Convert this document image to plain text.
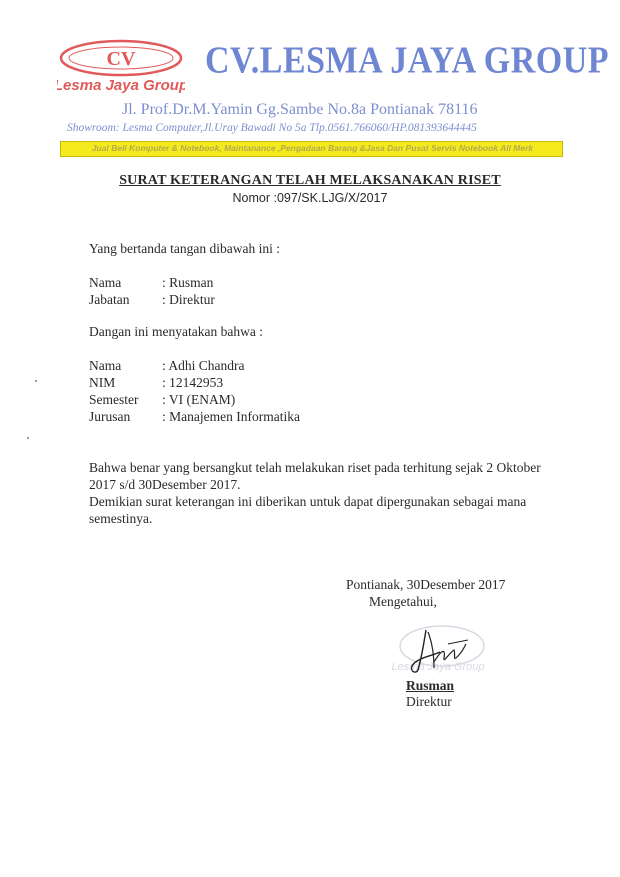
CV
Lesma Jaya Group
CV.LESMA JAYA GROUP
Jl. Prof.Dr.M.Yamin Gg.Sambe No.8a Pontianak 78116
Showroom: Lesma Computer,Jl.Uray Bawadi No 5a Tlp.0561.766060/HP.081393644445
Jual Beli Komputer & Notebook, Maintanance ,Pengadaan Barang &Jasa Dan Pusat Servis Notebook All Merk
SURAT KETERANGAN TELAH MELAKSANAKAN RISET
Nomor :097/SK.LJG/X/2017
Yang bertanda tangan dibawah ini :
Nama	: Rusman
Jabatan : Direktur
Dangan ini menyatakan bahwa :
Nama	: Adhi Chandra
NIM	: 12142953
Semester : VI (ENAM)
Jurusan : Manajemen Informatika
Bahwa benar yang bersangkut telah melakukan riset pada terhitung sejak 2 Oktober 2017 s/d 30Desember 2017.
Demikian surat keterangan ini diberikan untuk dapat dipergunakan sebagai mana semestinya.
Pontianak, 30Desember 2017
Mengetahui,
Lesma Jaya Group
Rusman
Direktur
